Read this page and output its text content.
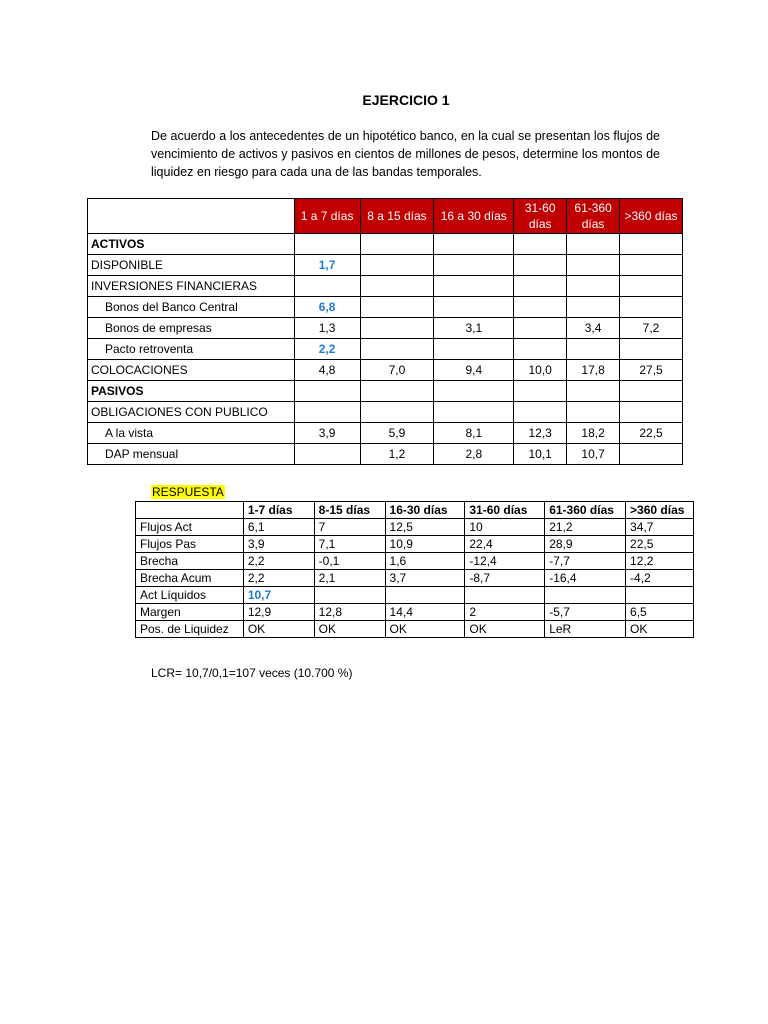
EJERCICIO 1
De acuerdo a los antecedentes de un hipotético banco, en la cual se presentan los flujos de vencimiento de activos y pasivos en cientos de millones de pesos, determine los montos de liquidez en riesgo para cada una de las bandas temporales.
	1 a 7 días	8 a 15 días	16 a 30 días	31-60 días	61-360 días	>360 días
ACTIVOS						
DISPONIBLE	1,7					
INVERSIONES FINANCIERAS						
Bonos del Banco Central	6,8					
Bonos de empresas	1,3		3,1		3,4	7,2
Pacto retroventa	2,2					
COLOCACIONES	4,8	7,0	9,4	10,0	17,8	27,5
PASIVOS						
OBLIGACIONES CON PUBLICO						
A la vista	3,9	5,9	8,1	12,3	18,2	22,5
DAP mensual		1,2	2,8	10,1	10,7	
RESPUESTA
	1-7 días	8-15 días	16-30 días	31-60 días	61-360 días	>360 días
Flujos Act	6,1	7	12,5	10	21,2	34,7
Flujos Pas	3,9	7,1	10,9	22,4	28,9	22,5
Brecha	2,2	-0,1	1,6	-12,4	-7,7	12,2
Brecha Acum	2,2	2,1	3,7	-8,7	-16,4	-4,2
Act Líquidos	10,7					
Margen	12,9	12,8	14,4	2	-5,7	6,5
Pos. de Liquidez	OK	OK	OK	OK	LeR	OK
LCR= 10,7/0,1=107 veces (10.700 %)
